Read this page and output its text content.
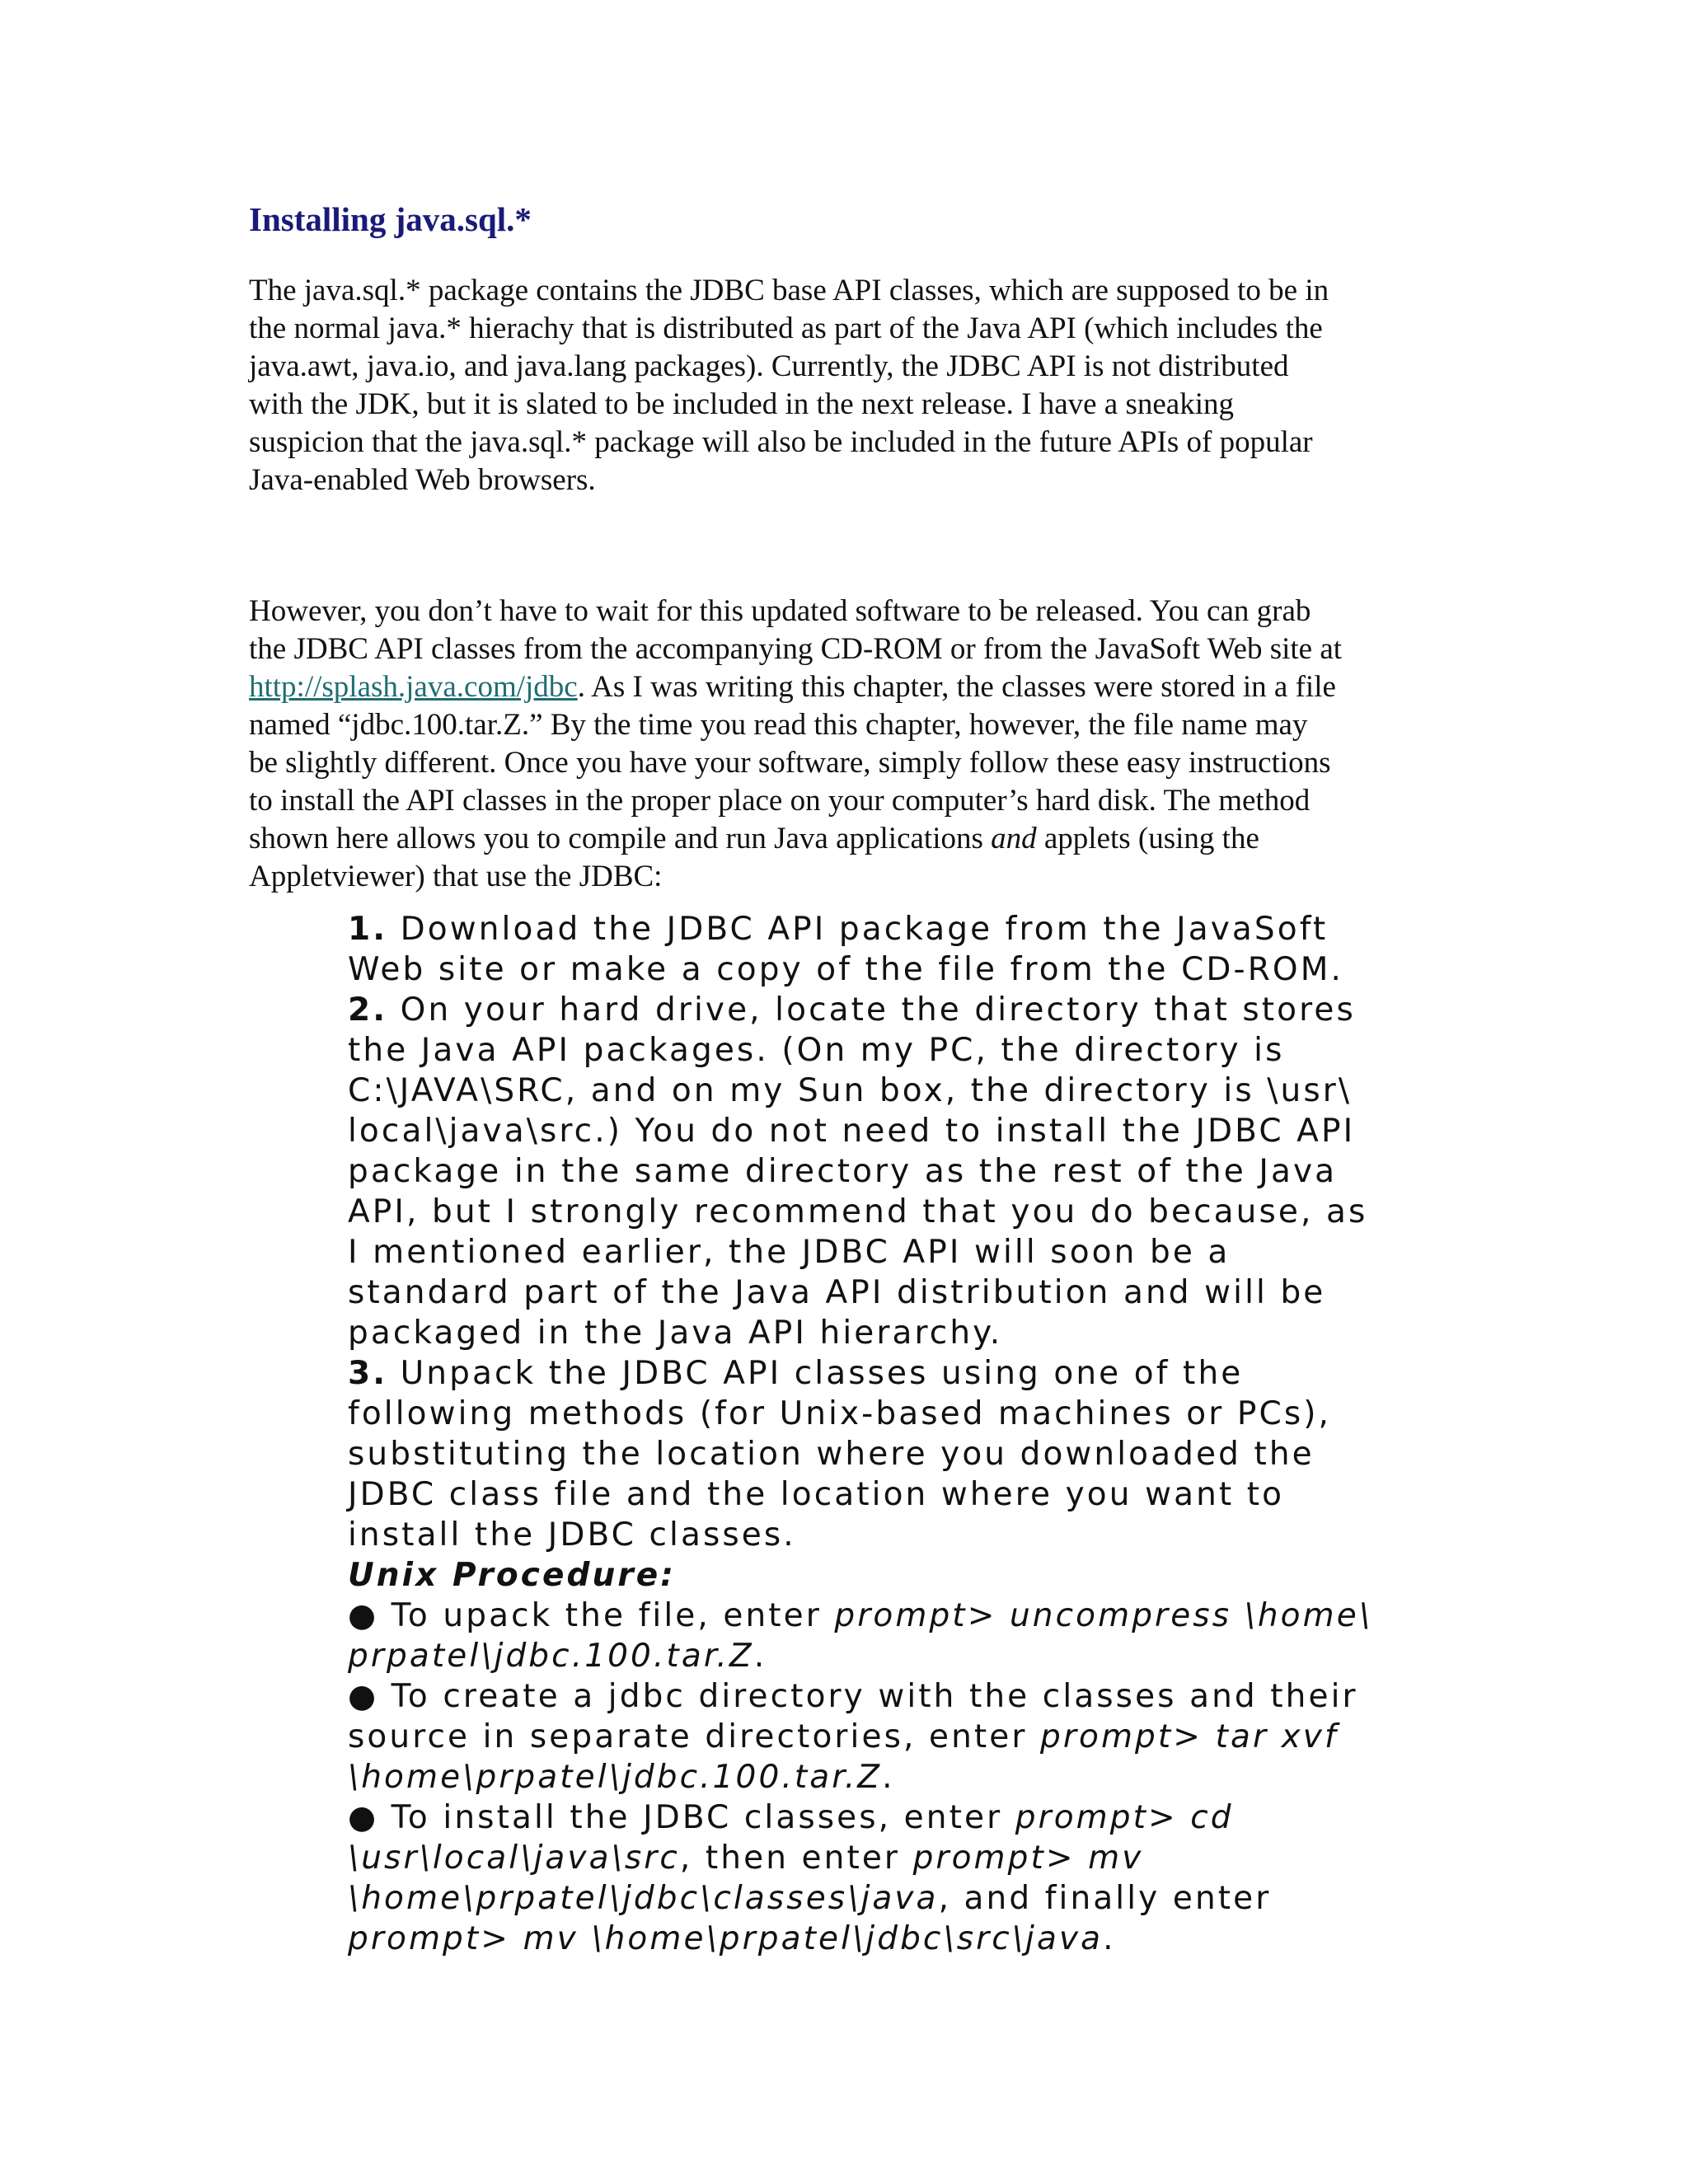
Installing java.sql.*

The java.sql.* package contains the JDBC base API classes, which are supposed to be in
the normal java.* hierachy that is distributed as part of the Java API (which includes the
java.awt, java.io, and java.lang packages). Currently, the JDBC API is not distributed
with the JDK, but it is slated to be included in the next release. I have a sneaking
suspicion that the java.sql.* package will also be included in the future APIs of popular
Java-enabled Web browsers.

However, you don’t have to wait for this updated software to be released. You can grab
the JDBC API classes from the accompanying CD-ROM or from the JavaSoft Web site at
http://splash.java.com/jdbc. As I was writing this chapter, the classes were stored in a file
named “jdbc.100.tar.Z.” By the time you read this chapter, however, the file name may
be slightly different. Once you have your software, simply follow these easy instructions
to install the API classes in the proper place on your computer’s hard disk. The method
shown here allows you to compile and run Java applications and applets (using the
Appletviewer) that use the JDBC:

1. Download the JDBC API package from the JavaSoft
Web site or make a copy of the file from the CD-ROM.
2. On your hard drive, locate the directory that stores
the Java API packages. (On my PC, the directory is
C:\JAVA\SRC, and on my Sun box, the directory is \usr\
local\java\src.) You do not need to install the JDBC API
package in the same directory as the rest of the Java
API, but I strongly recommend that you do because, as
I mentioned earlier, the JDBC API will soon be a
standard part of the Java API distribution and will be
packaged in the Java API hierarchy.
3. Unpack the JDBC API classes using one of the
following methods (for Unix-based machines or PCs),
substituting the location where you downloaded the
JDBC class file and the location where you want to
install the JDBC classes.
Unix Procedure:
● To upack the file, enter prompt> uncompress \home\
prpatel\jdbc.100.tar.Z.
● To create a jdbc directory with the classes and their
source in separate directories, enter prompt> tar xvf
\home\prpatel\jdbc.100.tar.Z.
● To install the JDBC classes, enter prompt> cd
\usr\local\java\src, then enter prompt> mv
\home\prpatel\jdbc\classes\java, and finally enter
prompt> mv \home\prpatel\jdbc\src\java.
